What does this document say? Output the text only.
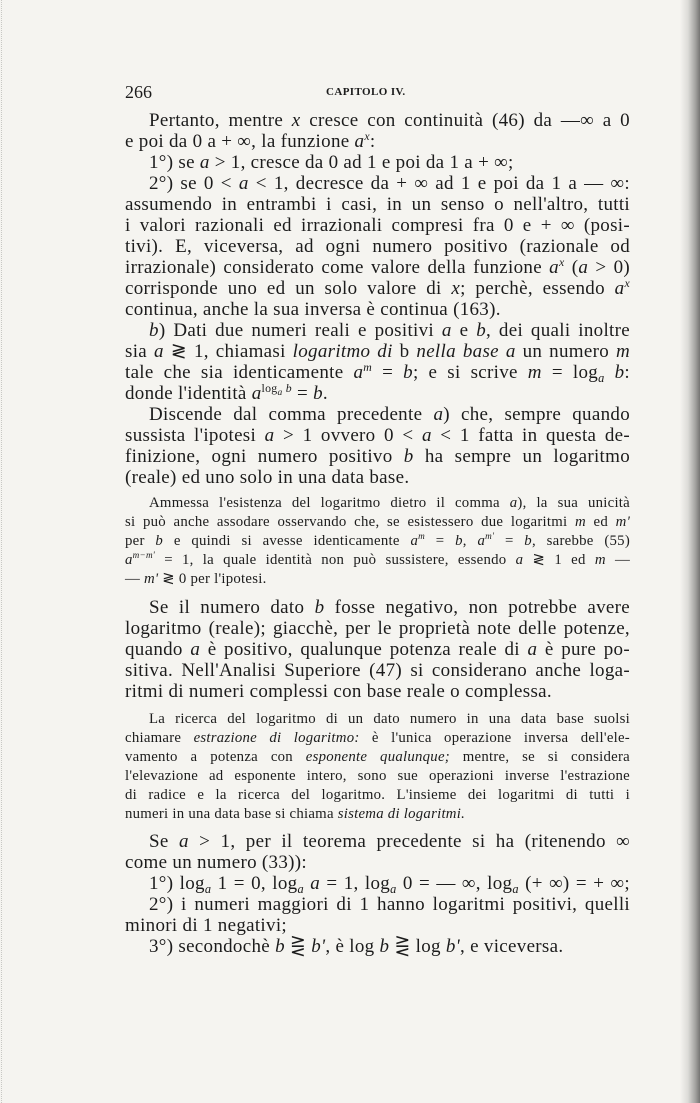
266	CAPITOLO IV.
Pertanto, mentre x cresce con continuità (46) da —∞ a 0
e poi da 0 a + ∞, la funzione $a^x$:
1°) se a > 1, cresce da 0 ad 1 e poi da 1 a + ∞;
2°) se 0 < a < 1, decresce da + ∞ ad 1 e poi da 1 a — ∞:
assumendo in entrambi i casi, in un senso o nell'altro, tutti
i valori razionali ed irrazionali compresi fra 0 e + ∞ (posi-
tivi). E, viceversa, ad ogni numero positivo (razionale od
irrazionale) considerato come valore della funzione $a^x$ (a > 0)
corrisponde uno ed un solo valore di x; perchè, essendo $a^x$
continua, anche la sua inversa è continua (163).
b) Dati due numeri reali e positivi a e b, dei quali inoltre
sia a ≷ 1, chiamasi logaritmo di b nella base a un numero m
tale che sia identicamente $a^m = b$; e si scrive m = loga b:
donde l'identità $a^{loga}$ $^b$ = b.
Discende dal comma precedente a) che, sempre quando
sussista l'ipotesi a > 1 ovvero 0 < a < 1 fatta in questa de-
finizione, ogni numero positivo b ha sempre un logaritmo
(reale) ed uno solo in una data base.
Ammessa l'esistenza del logaritmo dietro il comma a), la sua unicità
si può anche assodare osservando che, se esistessero due logaritmi m ed m'
per b e quindi si avesse identicamente $a^m = b$, $a^{m'} = b$, sarebbe (55)
$a^{m-m'} = 1$, la quale identità non può sussistere, essendo a ≷ 1 ed m —
— m' ≷ 0 per l'ipotesi.
Se il numero dato b fosse negativo, non potrebbe avere
logaritmo (reale); giacchè, per le proprietà note delle potenze,
quando a è positivo, qualunque potenza reale di a è pure po-
sitiva. Nell'Analisi Superiore (47) si considerano anche loga-
ritmi di numeri complessi con base reale o complessa.
La ricerca del logaritmo di un dato numero in una data base suolsi
chiamare estrazione di logaritmo: è l'unica operazione inversa dell'ele-
vamento a potenza con esponente qualunque; mentre, se si considera
l'elevazione ad esponente intero, sono sue operazioni inverse l'estrazione
di radice e la ricerca del logaritmo. L'insieme dei logaritmi di tutti i
numeri in una data base si chiama sistema di logaritmi.
Se a > 1, per il teorema precedente si ha (ritenendo ∞
come un numero (33)):
1°) loga 1 = 0, loga a = 1, loga 0 = — ∞, loga (+ ∞) = + ∞;
2°) i numeri maggiori di 1 hanno logaritmi positivi, quelli
minori di 1 negativi;
3°) secondochè b ⋛ b', è log b ⋛ log b', e viceversa.
